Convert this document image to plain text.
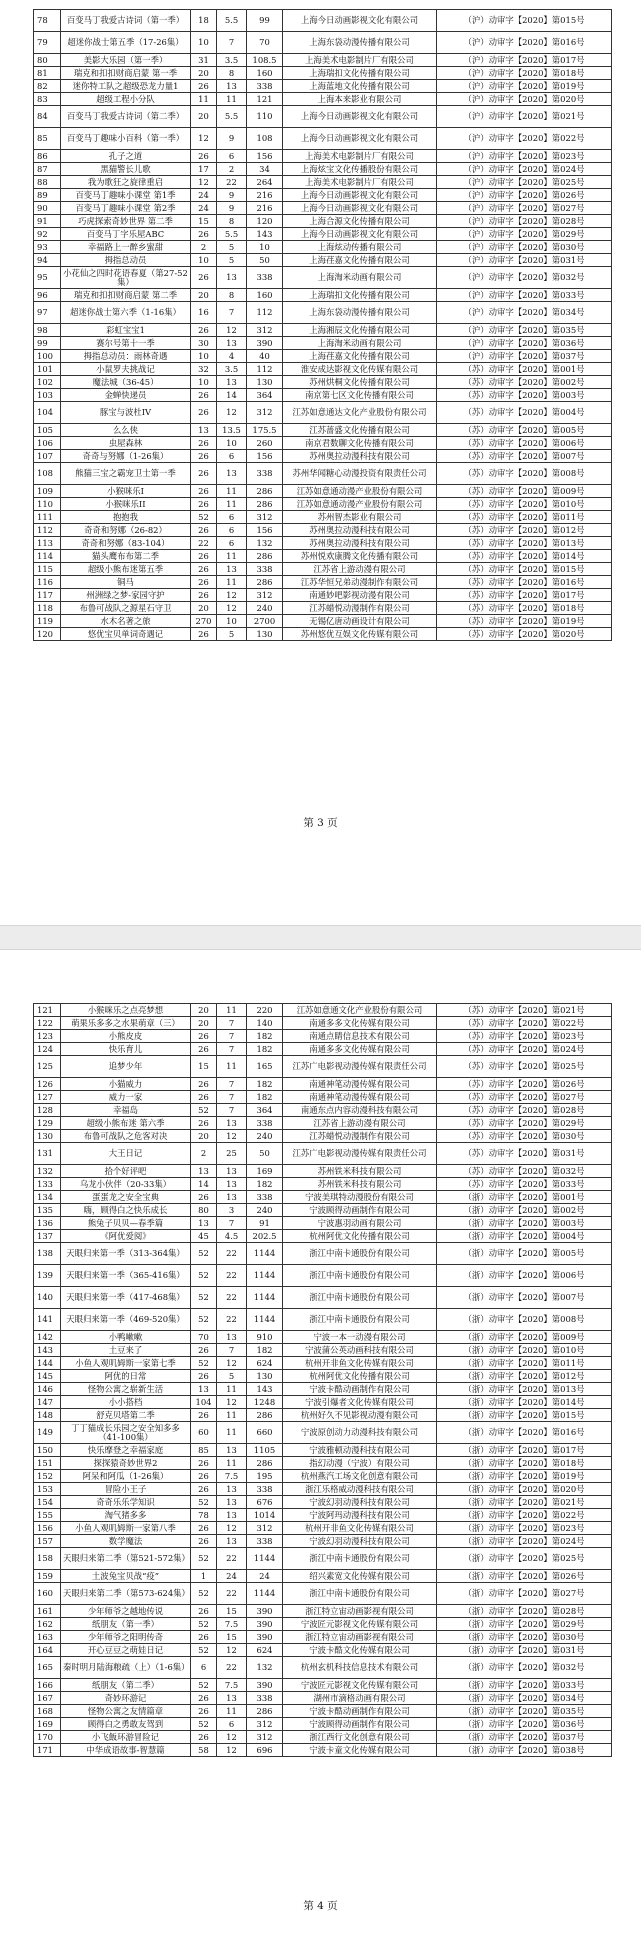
78	百变马丁我爱古诗词（第一季）	18	5.5	99	上海今日动画影视文化有限公司	（沪）动审字【2020】第015号
79	超迷你战士第五季（17-26集）	10	7	70	上海东袋动漫传播有限公司	（沪）动审字【2020】第016号
80	美影大乐园（第一季）	31	3.5	108.5	上海美术电影制片厂有限公司	（沪）动审字【2020】第017号
81	瑞克和扣扣财商启蒙 第一季	20	8	160	上海瑞扣文化传播有限公司	（沪）动审字【2020】第018号
82	迷你特工队之超级恐龙力量1	26	13	338	上海蓝地文化传播有限公司	（沪）动审字【2020】第019号
83	超级工程小分队	11	11	121	上海本来影业有限公司	（沪）动审字【2020】第020号
84	百变马丁我爱古诗词（第二季）	20	5.5	110	上海今日动画影视文化有限公司	（沪）动审字【2020】第021号
85	百变马丁趣味小百科（第一季）	12	9	108	上海今日动画影视文化有限公司	（沪）动审字【2020】第022号
86	孔子之道	26	6	156	上海美术电影制片厂有限公司	（沪）动审字【2020】第023号
87	黑猫警长儿歌	17	2	34	上海炫宝文化传播股份有限公司	（沪）动审字【2020】第024号
88	我为歌狂之旋律重启	12	22	264	上海美术电影制片厂有限公司	（沪）动审字【2020】第025号
89	百变马丁趣味小课堂 第1季	24	9	216	上海今日动画影视文化有限公司	（沪）动审字【2020】第026号
90	百变马丁趣味小课堂 第2季	24	9	216	上海今日动画影视文化有限公司	（沪）动审字【2020】第027号
91	巧虎探索奇妙世界 第二季	15	8	120	上海合源文化传播有限公司	（沪）动审字【2020】第028号
92	百变马丁字乐屋ABC	26	5.5	143	上海今日动画影视文化有限公司	（沪）动审字【2020】第029号
93	幸福路上一醉乡蜜甜	2	5	10	上海炫动传播有限公司	（沪）动审字【2020】第030号
94	拇指总动员	10	5	50	上海荏嘉文化传播有限公司	（沪）动审字【2020】第031号
95	小花仙之四时花语春夏（第27-52集）	26	13	338	上海淘米动画有限公司	（沪）动审字【2020】第032号
96	瑞克和扣扣财商启蒙 第二季	20	8	160	上海瑞扣文化传播有限公司	（沪）动审字【2020】第033号
97	超迷你战士第六季（1-16集）	16	7	112	上海东袋动漫传播有限公司	（沪）动审字【2020】第034号
98	彩虹宝宝1	26	12	312	上海湘辰文化传播有限公司	（沪）动审字【2020】第035号
99	赛尔号第十一季	30	13	390	上海淘米动画有限公司	（沪）动审字【2020】第036号
100	拇指总动员：雨林奇遇	10	4	40	上海荏嘉文化传播有限公司	（沪）动审字【2020】第037号
101	小鼠罗夫挑战记	32	3.5	112	淮安成达影视文化传媒有限公司	（苏）动审字【2020】第001号
102	魔法城（36-45）	10	13	130	苏州烘桐文化传播有限公司	（苏）动审字【2020】第002号
103	金蝉快递员	26	14	364	南京第七区文化传播有限公司	（苏）动审字【2020】第003号
104	豚宝与波杜IV	26	12	312	江苏如意通达文化产业股份有限公司	（苏）动审字【2020】第004号
105	么么侠	13	13.5	175.5	江苏蔷盛文化传播有限公司	（苏）动审字【2020】第005号
106	虫屋森林	26	10	260	南京君数聊文化传播有限公司	（苏）动审字【2020】第006号
107	奇奇与努娜（1-26集）	26	6	156	苏州奥拉动漫科技有限公司	（苏）动审字【2020】第007号
108	熊猫三宝之霸宠卫士第一季	26	13	338	苏州华闻糖心动漫投资有限责任公司	（苏）动审字【2020】第008号
109	小猴咪乐I	26	11	286	江苏如意通动漫产业股份有限公司	（苏）动审字【2020】第009号
110	小猴咪乐II	26	11	286	江苏如意通动漫产业股份有限公司	（苏）动审字【2020】第010号
111	抱抱我	52	6	312	苏州智杰影业有限公司	（苏）动审字【2020】第011号
112	奇奇和努娜（26-82）	26	6	156	苏州奥拉动漫科技有限公司	（苏）动审字【2020】第012号
113	奇奇和努娜（83-104）	22	6	132	苏州奥拉动漫科技有限公司	（苏）动审字【2020】第013号
114	猫头鹰布布第二季	26	11	286	苏州悦欢康腾文化传播有限公司	（苏）动审字【2020】第014号
115	超级小熊布迷第五季	26	13	338	江苏省上游动漫有限公司	（苏）动审字【2020】第015号
116	铜马	26	11	286	江苏华恒兄弟动漫制作有限公司	（苏）动审字【2020】第016号
117	州洲绿之梦-家园守护	26	12	312	南通妙吧影视动漫有限公司	（苏）动审字【2020】第017号
118	布鲁可战队之源星石守卫	20	12	240	江苏蜡悦动漫制作有限公司	（苏）动审字【2020】第018号
119	水木名著之旅	270	10	2700	无锡亿唐动画设计有限公司	（苏）动审字【2020】第019号
120	悠优宝贝单词奇遇记	26	5	130	苏州悠优互娱文化传媒有限公司	（苏）动审字【2020】第020号
第 3 页
121	小猴咪乐之点亮梦想	20	11	220	江苏如意通文化产业股份有限公司	（苏）动审字【2020】第021号
122	萌果乐多多之水果萌章（三）	20	7	140	南通多多文化传媒有限公司	（苏）动审字【2020】第022号
123	小熊皮皮	26	7	182	南通点睛信息技术有限公司	（苏）动审字【2020】第023号
124	快乐育儿	26	7	182	南通多多文化传媒有限公司	（苏）动审字【2020】第024号
125	追梦少年	15	11	165	江苏广电影视动漫传媒有限责任公司	（苏）动审字【2020】第025号
126	小猫威力	26	7	182	南通神笔动漫传媒有限公司	（苏）动审字【2020】第026号
127	威力一家	26	7	182	南通神笔动漫传媒有限公司	（苏）动审字【2020】第027号
128	幸福岛	52	7	364	南通东点内容动漫科技有限公司	（苏）动审字【2020】第028号
129	超级小熊布迷 第六季	26	13	338	江苏省上游动漫有限公司	（苏）动审字【2020】第029号
130	布鲁可战队之危客对决	20	12	240	江苏蜡悦动漫制作有限公司	（苏）动审字【2020】第030号
131	大王日记	2	25	50	江苏广电影视动漫传媒有限责任公司	（苏）动审字【2020】第031号
132	拾个好评吧	13	13	169	苏州铁米科技有限公司	（苏）动审字【2020】第032号
133	乌龙小伙伴（20-33集）	14	13	182	苏州铁米科技有限公司	（苏）动审字【2020】第033号
134	蛋蛋龙之安全宝典	26	13	338	宁波美琪特动漫股份有限公司	（浙）动审字【2020】第001号
135	嗨，顾得白之快乐成长	80	3	240	宁波顾得动画制作有限公司	（浙）动审字【2020】第002号
136	熊兔子贝贝—春季篇	13	7	91	宁波惠羽动画有限公司	（浙）动审字【2020】第003号
137	《阿优爱阅》	45	4.5	202.5	杭州阿优文化传播有限公司	（浙）动审字【2020】第004号
138	天眼归来第一季（313-364集）	52	22	1144	浙江中南卡通股份有限公司	（浙）动审字【2020】第005号
139	天眼归来第一季（365-416集）	52	22	1144	浙江中南卡通股份有限公司	（浙）动审字【2020】第006号
140	天眼归来第一季（417-468集）	52	22	1144	浙江中南卡通股份有限公司	（浙）动审字【2020】第007号
141	天眼归来第一季（469-520集）	52	22	1144	浙江中南卡通股份有限公司	（浙）动审字【2020】第008号
142	小鸭嗽嗽	70	13	910	宁波一本一动漫有限公司	（浙）动审字【2020】第009号
143	土豆来了	26	7	182	宁波蒲公英动画科技有限公司	（浙）动审字【2020】第010号
144	小鱼人观叽姆斯一家第七季	52	12	624	杭州开非鱼文化传媒有限公司	（浙）动审字【2020】第011号
145	阿优的日常	26	5	130	杭州阿优文化传播有限公司	（浙）动审字【2020】第012号
146	怪物公寓之崭新生活	13	11	143	宁波卡酷动画制作有限公司	（浙）动审字【2020】第013号
147	小小搭档	104	12	1248	宁波引爆者文化传媒有限公司	（浙）动审字【2020】第014号
148	舒克贝塔第二季	26	11	286	杭州好久不见影视动漫有限公司	（浙）动审字【2020】第015号
149	丁丁猫成长乐园之安全知多多（41-100集）	60	11	660	宁波原创动力动漫科技有限公司	（浙）动审字【2020】第016号
150	快乐摩登之幸福家庭	85	13	1105	宁波雅顿动漫科技有限公司	（浙）动审字【2020】第017号
151	探探猿奇妙世界2	26	11	286	指幻动漫（宁波）有限公司	（浙）动审字【2020】第018号
152	阿呆和阿瓜（1-26集）	26	7.5	195	杭州燕汽工场文化创意有限公司	（浙）动审字【2020】第019号
153	冒险小王子	26	13	338	浙江乐格威动漫科技有限公司	（浙）动审字【2020】第020号
154	奇奇乐乐学知识	52	13	676	宁波幻羽动漫科技有限公司	（浙）动审字【2020】第021号
155	淘气猪多多	78	13	1014	宁波阿玛动漫科技有限公司	（浙）动审字【2020】第022号
156	小鱼人观叽姆斯一家第八季	26	12	312	杭州开非鱼文化传媒有限公司	（浙）动审字【2020】第023号
157	数学魔法	26	13	338	宁波幻羽动漫科技有限公司	（浙）动审字【2020】第024号
158	天眼归来第二季（第521-572集）	52	22	1144	浙江中南卡通股份有限公司	（浙）动审字【2020】第025号
159	土波兔宝贝战“疫”	1	24	24	绍兴素宽文化传媒有限公司	（浙）动审字【2020】第026号
160	天眼归来第二季（第573-624集）	52	22	1144	浙江中南卡通股份有限公司	（浙）动审字【2020】第027号
161	少年师爷之越地传说	26	15	390	浙江特立宙动画影视有限公司	（浙）动审字【2020】第028号
162	纸朋友（第一季）	52	7.5	390	宁波匠元影视文化传媒有限公司	（浙）动审字【2020】第029号
163	少年师爷之阳明传奇	26	15	390	浙江特立宙动画影视有限公司	（浙）动审字【2020】第030号
164	开心豆豆之萌娃日记	52	12	624	宁波卡酷文化传媒有限公司	（浙）动审字【2020】第031号
165	秦时明月陆海粮疏（上）（1-6集）	6	22	132	杭州玄机科技信息技术有限公司	（浙）动审字【2020】第032号
166	纸朋友（第二季）	52	7.5	390	宁波匠元影视文化传媒有限公司	（浙）动审字【2020】第033号
167	奇妙环游记	26	13	338	湖州市滴格动画有限公司	（浙）动审字【2020】第034号
168	怪物公寓之友情篇章	26	11	286	宁波卡酷动画制作有限公司	（浙）动审字【2020】第035号
169	顾得白之勇敢友驾到	52	6	312	宁波顾得动画制作有限公司	（浙）动审字【2020】第036号
170	小飞飯环游冒险记	26	12	312	浙江西行文化创意有限公司	（浙）动审字【2020】第037号
171	中华成语故事-智慧篇	58	12	696	宁波卡童文化传媒有限公司	（浙）动审字【2020】第038号
第 4 页
